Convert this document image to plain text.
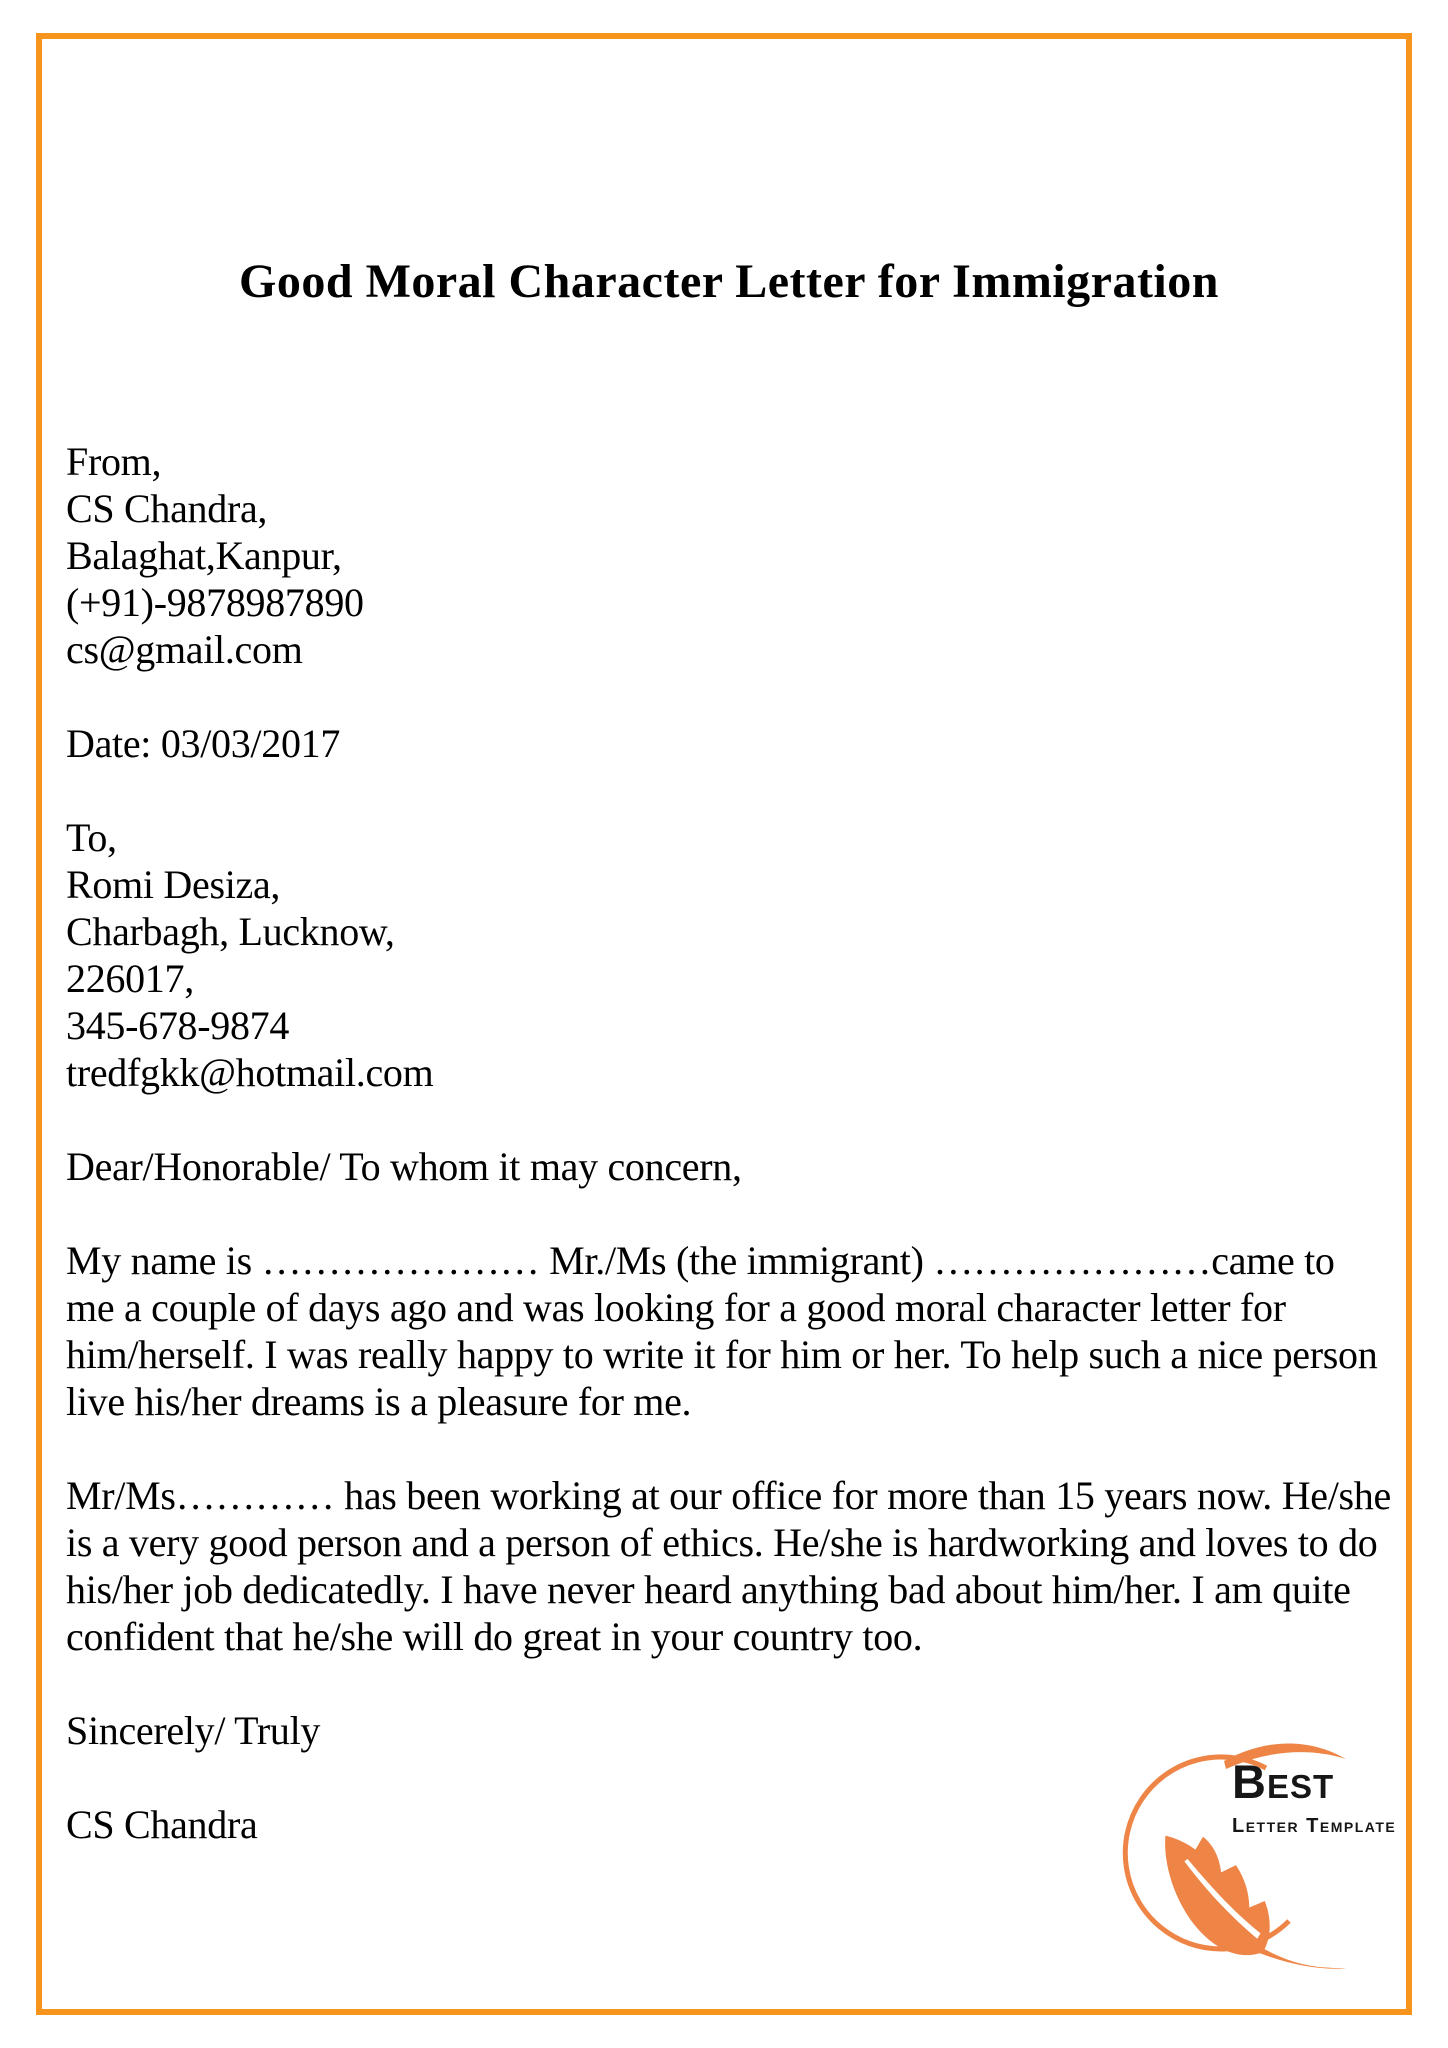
Good Moral Character Letter for Immigration
From,
CS Chandra,
Balaghat,Kanpur,
(+91)-9878987890
cs@gmail.com
Date: 03/03/2017
To,
Romi Desiza,
Charbagh, Lucknow,
226017,
345-678-9874
tredfgkk@hotmail.com
Dear/Honorable/ To whom it may concern,

My name is ………………… Mr./Ms (the immigrant) …………………came to me a couple of days ago and was looking for a good moral character letter for him/herself. I was really happy to write it for him or her. To help such a nice person live his/her dreams is a pleasure for me.

Mr/Ms………… has been working at our office for more than 15 years now. He/she is a very good person and a person of ethics. He/she is hardworking and loves to do his/her job dedicatedly. I have never heard anything bad about him/her. I am quite confident that he/she will do great in your country too.

Sincerely/ Truly
CS Chandra
Best
Letter Template
